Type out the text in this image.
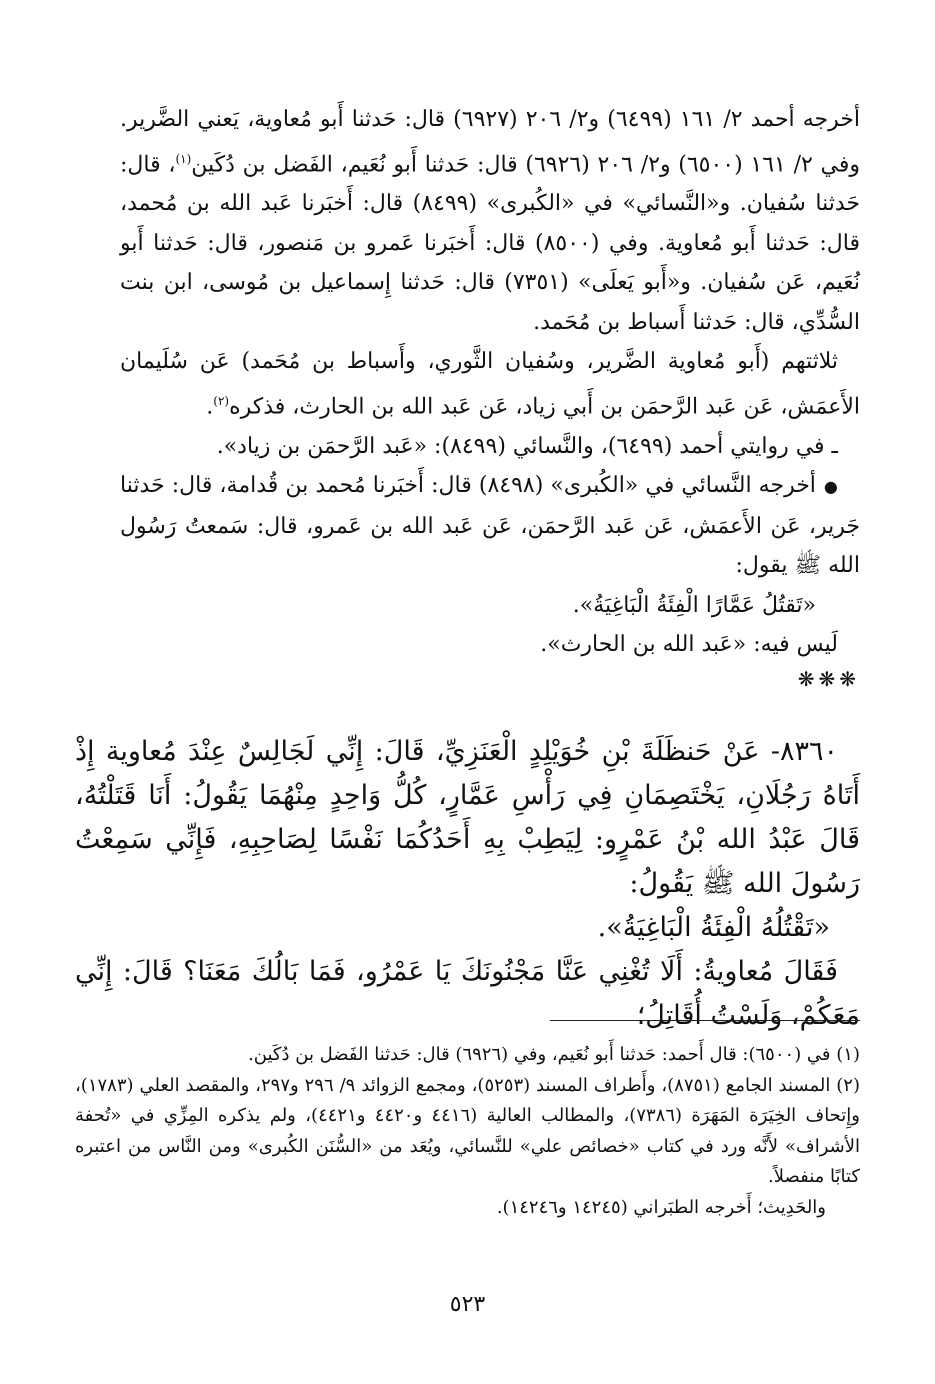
أخرجه أحمد ٢/ ١٦١ (٦٤٩٩) و٢/ ٢٠٦ (٦٩٢٧) قال: حَدثنا أَبو مُعاوية، يَعني الضَّرير. وفي ٢/ ١٦١ (٦٥٠٠) و٢/ ٢٠٦ (٦٩٢٦) قال: حَدثنا أَبو نُعَيم، الفَضل بن دُكَين$^{(١)}$، قال: حَدثنا سُفيان. و«النَّسائي» في «الكُبرى» (٨٤٩٩) قال: أَخبَرنا عَبد الله بن مُحمد، قال: حَدثنا أَبو مُعاوية. وفي (٨٥٠٠) قال: أَخبَرنا عَمرو بن مَنصور، قال: حَدثنا أَبو نُعَيم، عَن سُفيان. و«أَبو يَعلَى» (٧٣٥١) قال: حَدثنا إِسماعيل بن مُوسى، ابن بنت السُّدِّي، قال: حَدثنا أَسباط بن مُحَمد.

ثلاثتهم (أَبو مُعاوية الضَّرير، وسُفيان الثَّوري، وأَسباط بن مُحَمد) عَن سُلَيمان الأَعمَش، عَن عَبد الرَّحمَن بن أَبي زياد، عَن عَبد الله بن الحارث، فذكره$^{(٢)}$.

ـ في روايتي أحمد (٦٤٩٩)، والنَّسائي (٨٤٩٩): «عَبد الرَّحمَن بن زياد».

●أخرجه النَّسائي في «الكُبرى» (٨٤٩٨) قال: أَخبَرنا مُحمد بن قُدامة، قال: حَدثنا جَرير، عَن الأَعمَش، عَن عَبد الرَّحمَن، عَن عَبد الله بن عَمرو، قال: سَمعتُ رَسُول الله ﷺ يقول:

«تَقتُلُ عَمَّارًا الْفِئَةُ الْبَاغِيَةُ».

لَيس فيه: «عَبد الله بن الحارث».

❋❋❋

٨٣٦٠- عَنْ حَنظَلَةَ بْنِ خُوَيْلِدٍ الْعَنَزِيِّ، قَالَ: إِنِّي لَجَالِسٌ عِنْدَ مُعاوية إِذْ أَتَاهُ رَجُلَانِ، يَخْتَصِمَانِ فِي رَأْسِ عَمَّارٍ، كُلُّ وَاحِدٍ مِنْهُمَا يَقُولُ: أَنَا قَتَلْتُهُ، قَالَ عَبْدُ الله بْنُ عَمْرٍو: لِيَطِبْ بِهِ أَحَدُكُمَا نَفْسًا لِصَاحِبِهِ، فَإِنِّي سَمِعْتُ رَسُولَ الله ﷺ يَقُولُ:

«تَقْتُلُهُ الْفِئَةُ الْبَاغِيَةُ».

فَقَالَ مُعاويةُ: أَلَا تُغْنِي عَنَّا مَجْنُونَكَ يَا عَمْرُو، فَمَا بَالُكَ مَعَنَا؟ قَالَ: إِنِّي مَعَكُمْ، وَلَسْتُ أُقَاتِلُ؛

(١) في (٦٥٠٠): قال أَحمد: حَدثنا أَبو نُعَيم، وفي (٦٩٢٦) قال: حَدثنا الفَضل بن دُكَين.

(٢) المسند الجامع (٨٧٥١)، وأَطراف المسند (٥٢٥٣)، ومجمع الزوائد ٩/ ٢٩٦ و٢٩٧، والمقصد العلي (١٧٨٣)، وإِتحاف الخِيَرَة المَهَرَة (٧٣٨٦)، والمطالب العالية (٤٤١٦ و٤٤٢٠ و٤٤٢١)، ولم يذكره المِزِّي في «تُحفة الأشراف» لأَنَّه ورد في كتاب «خصائص علي» للنَّسائي، ويُعَد من «السُّنَن الكُبرى» ومن النَّاس من اعتبره كتابًا منفصلاً.

والحَدِيث؛ أَخرجه الطبَراني (١٤٢٤٥ و١٤٢٤٦).

٥٢٣
